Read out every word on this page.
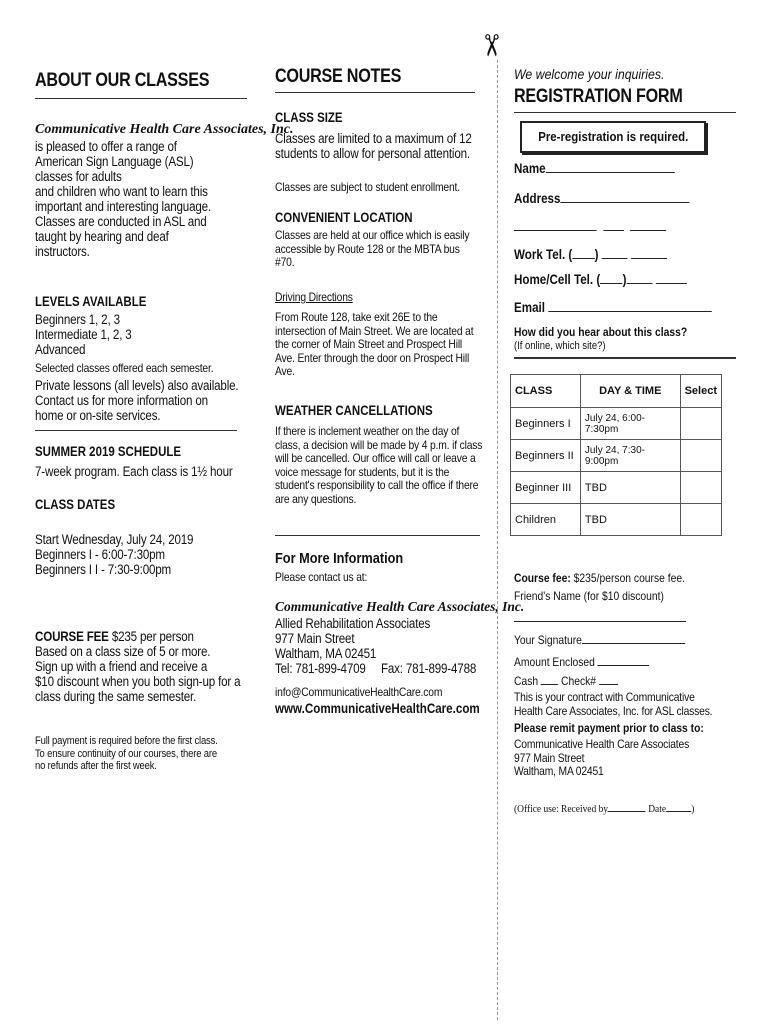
✂
ABOUT OUR CLASSES
Communicative Health Care Associates, Inc.
is pleased to offer a range of
American Sign Language (ASL)
classes for adults
and children who want to learn this
important and interesting language.
Classes are conducted in ASL and
taught by hearing and deaf
instructors.
LEVELS AVAILABLE
Beginners 1, 2, 3
Intermediate 1, 2, 3
Advanced
Selected classes offered each semester.
Private lessons (all levels) also available.
Contact us for more information on
home or on-site services.
SUMMER 2019 SCHEDULE
7-week program. Each class is 1½ hour
CLASS DATES
Start Wednesday, July 24, 2019
Beginners I - 6:00-7:30pm
Beginners I I - 7:30-9:00pm
COURSE FEE $235 per person
Based on a class size of 5 or more.
Sign up with a friend and receive a
$10 discount when you both sign-up for a
class during the same semester.
Full payment is required before the first class.
To ensure continuity of our courses, there are
no refunds after the first week.
COURSE NOTES
CLASS SIZE
Classes are limited to a maximum of 12
students to allow for personal attention.
Classes are subject to student enrollment.
CONVENIENT LOCATION
Classes are held at our office which is easily
accessible by Route 128 or the MBTA bus
#70.
Driving Directions
From Route 128, take exit 26E to the
intersection of Main Street. We are located at
the corner of Main Street and Prospect Hill
Ave. Enter through the door on Prospect Hill
Ave.
WEATHER CANCELLATIONS
If there is inclement weather on the day of
class, a decision will be made by 4 p.m. if class
will be cancelled. Our office will call or leave a
voice message for students, but it is the
student's responsibility to call the office if there
are any questions.
For More Information
Please contact us at:
Communicative Health Care Associates, Inc.
Allied Rehabilitation Associates
977 Main Street
Waltham, MA 02451
Tel: 781-899-4709 Fax: 781-899-4788
info@CommunicativeHealthCare.com
www.CommunicativeHealthCare.com
We welcome your inquiries.
REGISTRATION FORM
Pre-registration is required.
Name
Address

Work Tel. ( )
Home/Cell Tel. ( )
Email
How did you hear about this class?
(If online, which site?)
CLASS	DAY & TIME	Select
Beginners I	July 24, 6:00-7:30pm	
Beginners II	July 24, 7:30-9:00pm	
Beginner III	TBD	
Children	TBD	
Course fee: $235/person course fee.
Friend's Name (for $10 discount)
Your Signature
Amount Enclosed
Cash Check#
This is your contract with Communicative
Health Care Associates, Inc. for ASL classes.
Please remit payment prior to class to:
Communicative Health Care Associates
977 Main Street
Waltham, MA 02451
(Office use: Received by	Date )
